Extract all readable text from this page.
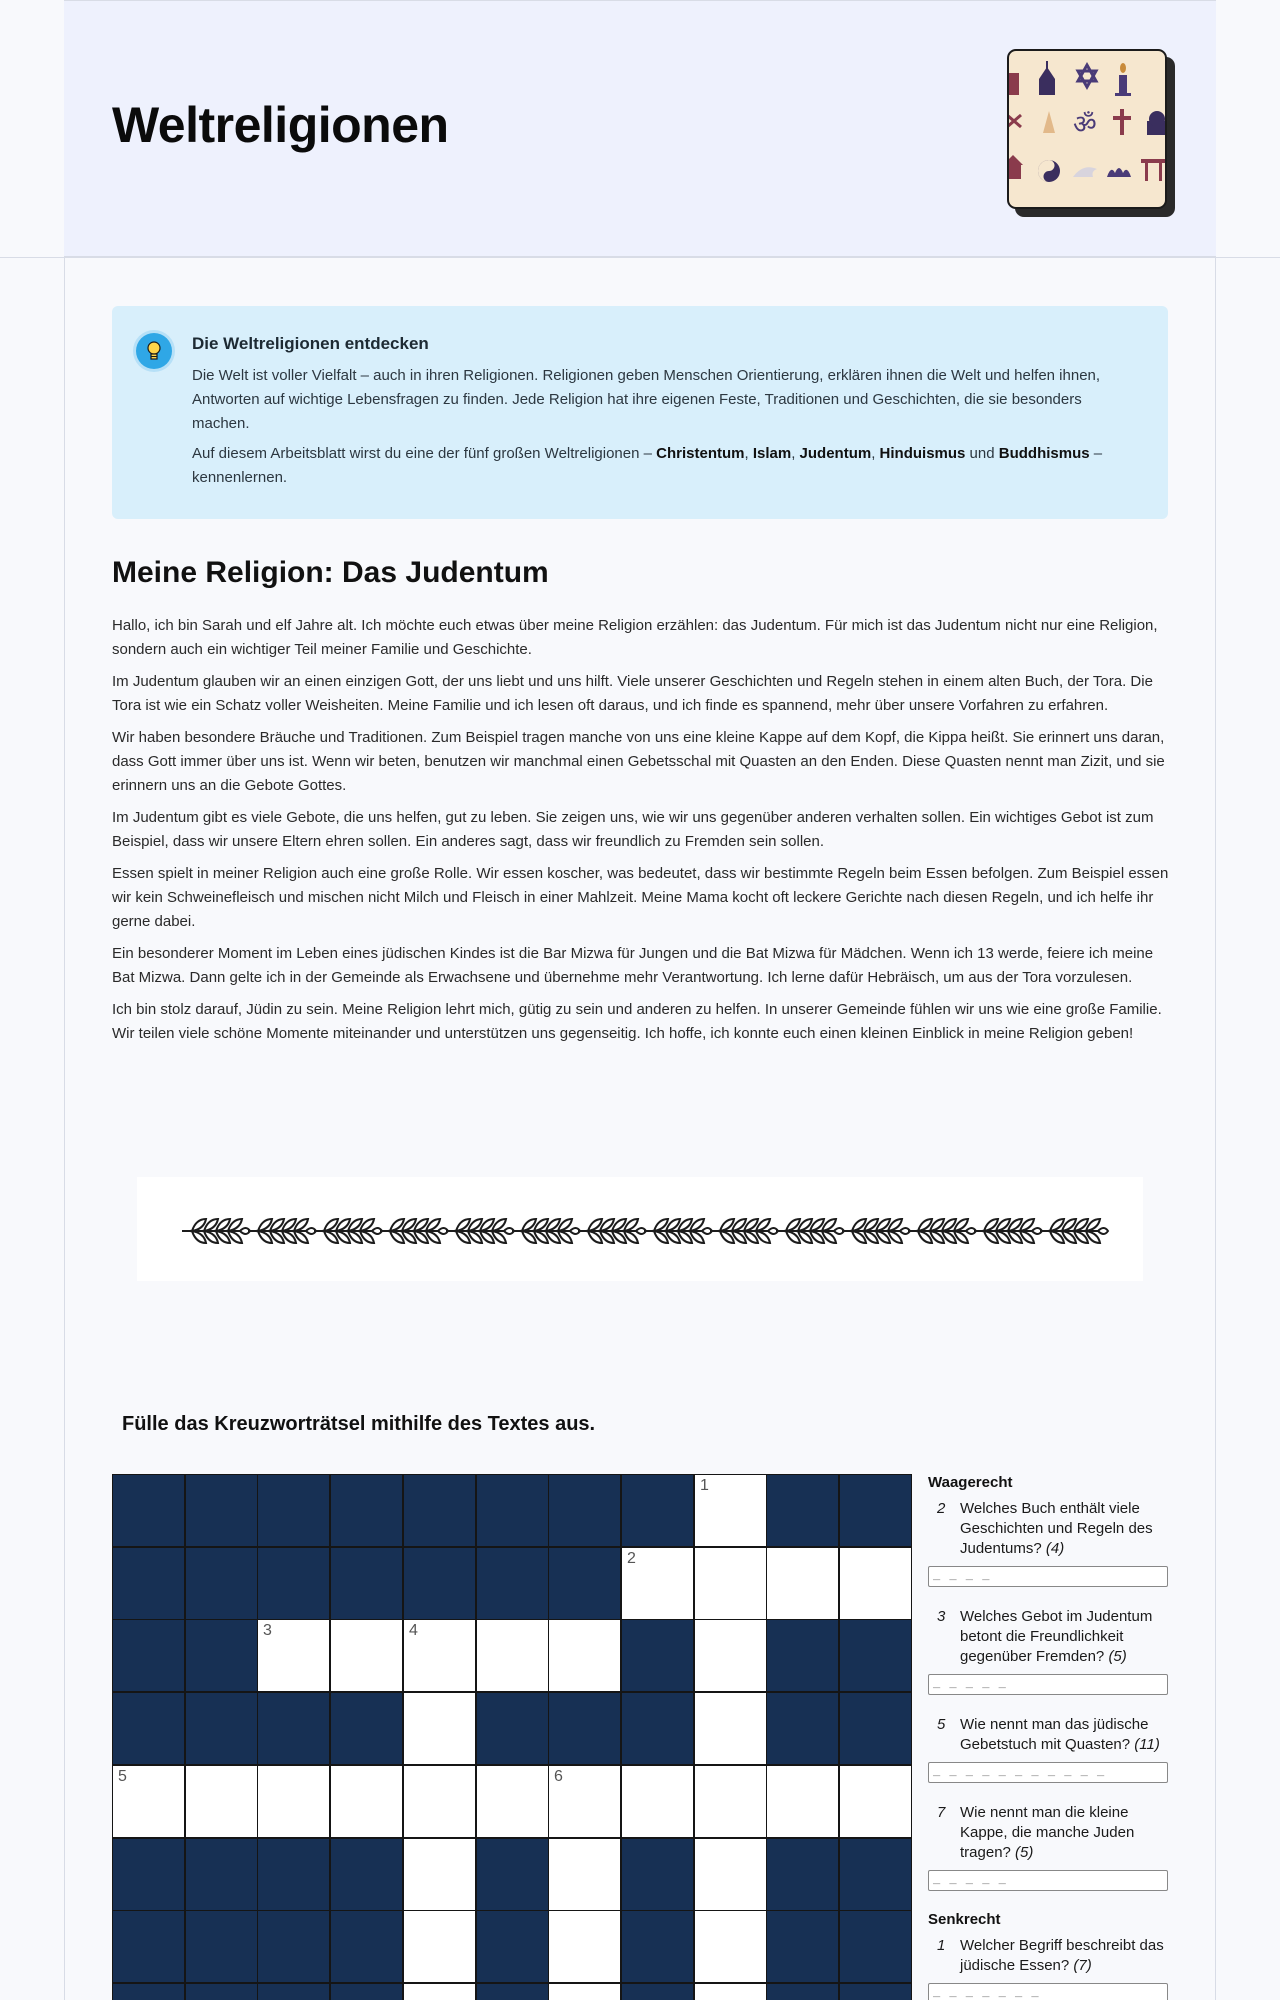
Weltreligionen	ॐ
Die Weltreligionen entdecken

Die Welt ist voller Vielfalt – auch in ihren Religionen. Religionen geben Menschen Orientierung, erklären ihnen die Welt und helfen ihnen, Antworten auf wichtige Lebensfragen zu finden. Jede Religion hat ihre eigenen Feste, Traditionen und Geschichten, die sie besonders machen.

Auf diesem Arbeitsblatt wirst du eine der fünf großen Weltreligionen – Christentum, Islam, Judentum, Hinduismus und Buddhismus – kennenlernen.

Meine Religion: Das Judentum

Hallo, ich bin Sarah und elf Jahre alt. Ich möchte euch etwas über meine Religion erzählen: das Judentum. Für mich ist das Judentum nicht nur eine Religion, sondern auch ein wichtiger Teil meiner Familie und Geschichte.

Im Judentum glauben wir an einen einzigen Gott, der uns liebt und uns hilft. Viele unserer Geschichten und Regeln stehen in einem alten Buch, der Tora. Die Tora ist wie ein Schatz voller Weisheiten. Meine Familie und ich lesen oft daraus, und ich finde es spannend, mehr über unsere Vorfahren zu erfahren.

Wir haben besondere Bräuche und Traditionen. Zum Beispiel tragen manche von uns eine kleine Kappe auf dem Kopf, die Kippa heißt. Sie erinnert uns daran, dass Gott immer über uns ist. Wenn wir beten, benutzen wir manchmal einen Gebetsschal mit Quasten an den Enden. Diese Quasten nennt man Zizit, und sie erinnern uns an die Gebote Gottes.

Im Judentum gibt es viele Gebote, die uns helfen, gut zu leben. Sie zeigen uns, wie wir uns gegenüber anderen verhalten sollen. Ein wichtiges Gebot ist zum Beispiel, dass wir unsere Eltern ehren sollen. Ein anderes sagt, dass wir freundlich zu Fremden sein sollen.

Essen spielt in meiner Religion auch eine große Rolle. Wir essen koscher, was bedeutet, dass wir bestimmte Regeln beim Essen befolgen. Zum Beispiel essen wir kein Schweinefleisch und mischen nicht Milch und Fleisch in einer Mahlzeit. Meine Mama kocht oft leckere Gerichte nach diesen Regeln, und ich helfe ihr gerne dabei.

Ein besonderer Moment im Leben eines jüdischen Kindes ist die Bar Mizwa für Jungen und die Bat Mizwa für Mädchen. Wenn ich 13 werde, feiere ich meine Bat Mizwa. Dann gelte ich in der Gemeinde als Erwachsene und übernehme mehr Verantwortung. Ich lerne dafür Hebräisch, um aus der Tora vorzulesen.

Ich bin stolz darauf, Jüdin zu sein. Meine Religion lehrt mich, gütig zu sein und anderen zu helfen. In unserer Gemeinde fühlen wir uns wie eine große Familie. Wir teilen viele schöne Momente miteinander und unterstützen uns gegenseitig. Ich hoffe, ich konnte euch einen kleinen Einblick in meine Religion geben!

Fülle das Kreuzworträtsel mithilfe des Textes aus.
1
2
3	4
5	6
Waagerecht
2 Welches Buch enthält viele Geschichten und Regeln des Judentums? (4)
_ _ _ _
3 Welches Gebot im Judentum betont die Freundlichkeit gegenüber Fremden? (5)
_ _ _ _ _
5 Wie nennt man das jüdische Gebetstuch mit Quasten? (11)
_ _ _ _ _ _ _ _ _ _ _
7 Wie nennt man die kleine Kappe, die manche Juden tragen? (5)
_ _ _ _ _
Senkrecht
1 Welcher Begriff beschreibt das jüdische Essen? (7)
_ _ _ _ _ _ _
